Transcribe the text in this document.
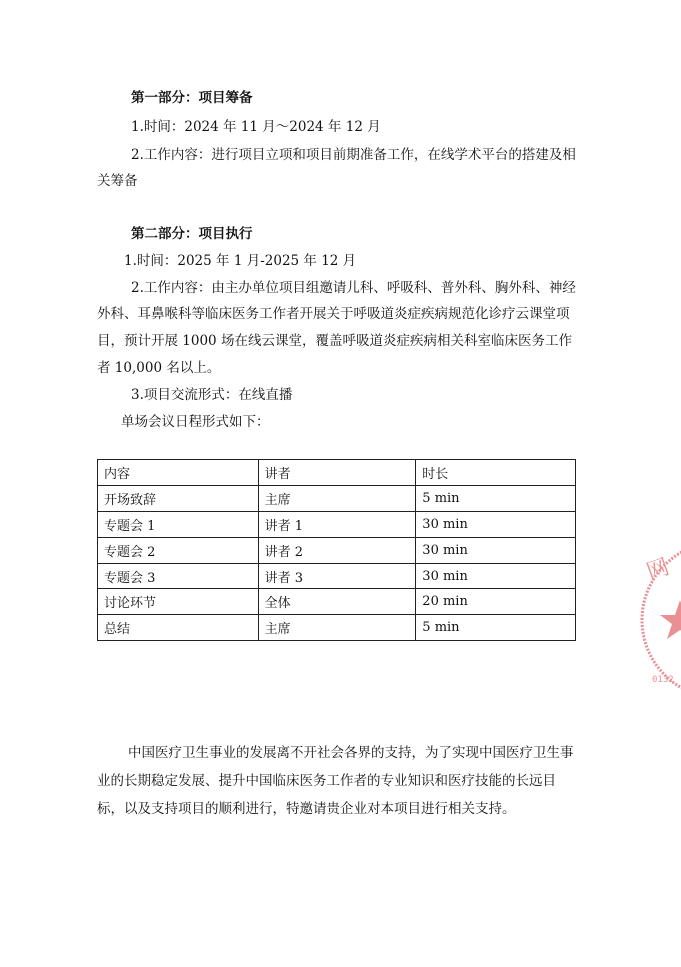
第一部分：项目筹备
1.时间：2024 年 11 月～2024 年 12 月
2.工作内容：进行项目立项和项目前期准备工作，在线学术平台的搭建及相
关筹备
第二部分：项目执行
1.时间：2025 年 1 月-2025 年 12 月
2.工作内容：由主办单位项目组邀请儿科、呼吸科、普外科、胸外科、神经
外科、耳鼻喉科等临床医务工作者开展关于呼吸道炎症疾病规范化诊疗云课堂项
目，预计开展 1000 场在线云课堂，覆盖呼吸道炎症疾病相关科室临床医务工作
者 10,000 名以上。
3.项目交流形式：在线直播
单场会议日程形式如下：
内容	讲者	时长
开场致辞	主席	5 min
专题会 1	讲者 1	30 min
专题会 2	讲者 2	30 min
专题会 3	讲者 3	30 min
讨论环节	全体	20 min
总结	主席	5 min
中国医疗卫生事业的发展离不开社会各界的支持，为了实现中国医疗卫生事
业的长期稳定发展、提升中国临床医务工作者的专业知识和医疗技能的长远目
标，以及支持项目的顺利进行，特邀请贵企业对本项目进行相关支持。
网
0132
